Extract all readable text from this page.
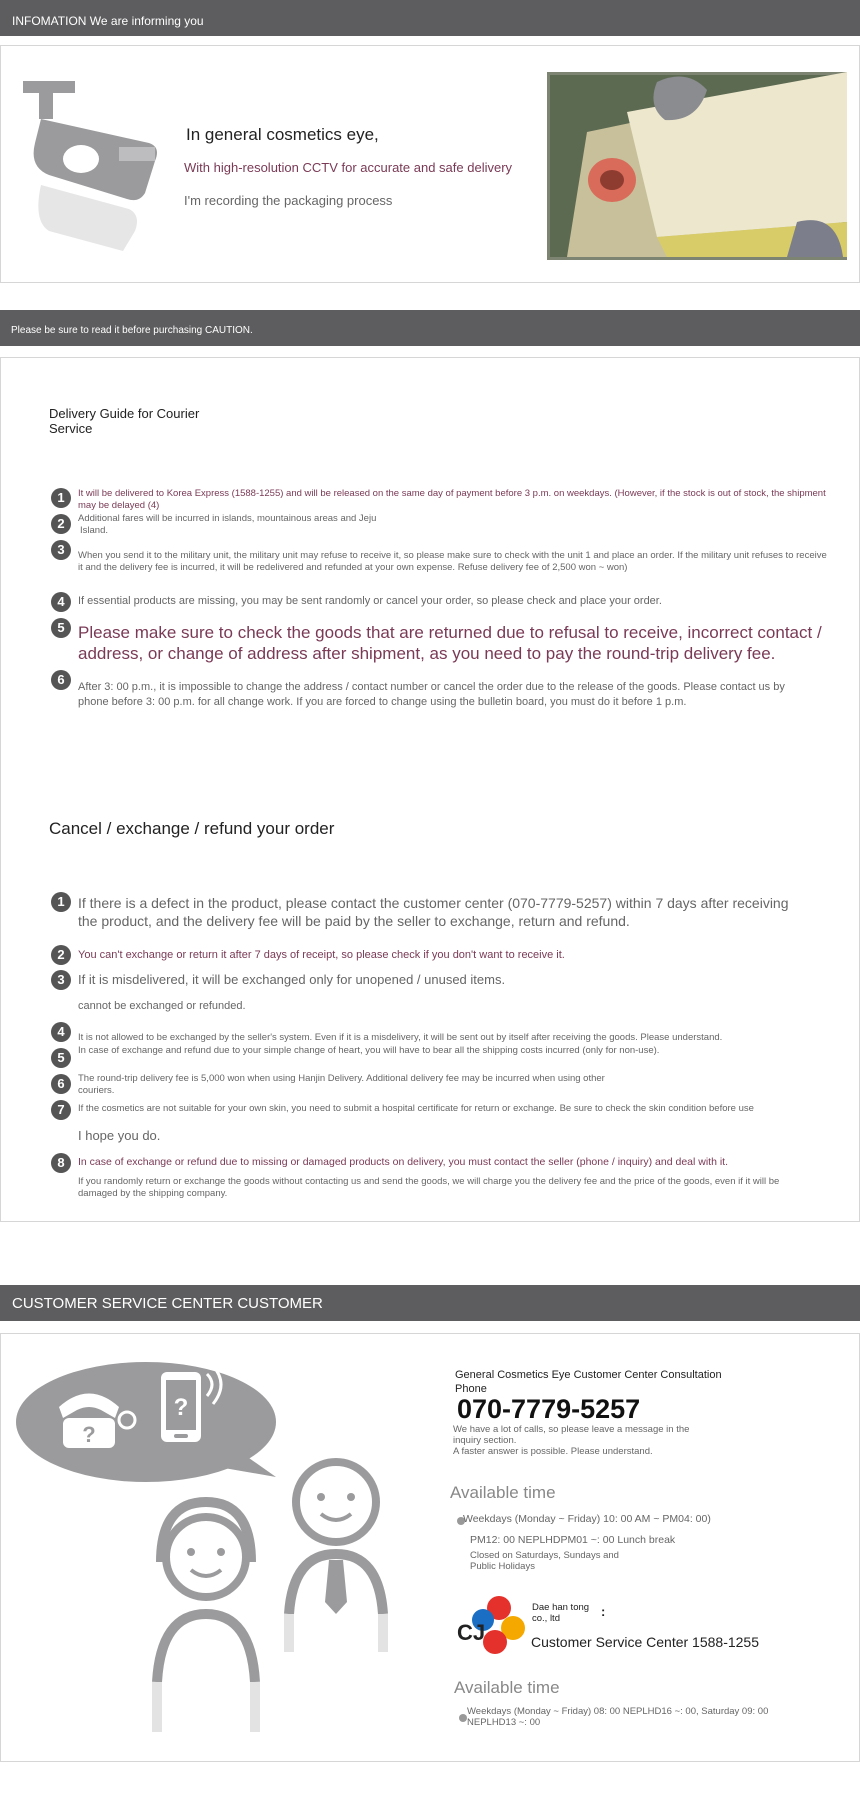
INFOMATION We are informing you
In general cosmetics eye,
With high-resolution CCTV for accurate and safe delivery
I'm recording the packaging process
Please be sure to read it before purchasing CAUTION.
Delivery Guide for Courier
Service
1	It will be delivered to Korea Express (1588-1255) and will be released on the same day of payment before 3 p.m. on weekdays. (However, if the stock is out of stock, the shipment may be delayed (4)
2	Additional fares will be incurred in islands, mountainous areas and Jeju
Island.
3	When you send it to the military unit, the military unit may refuse to receive it, so please make sure to check with the unit 1 and place an order. If the military unit refuses to receive it and the delivery fee is incurred, it will be redelivered and refunded at your own expense. Refuse delivery fee of 2,500 won ~ won)
4	If essential products are missing, you may be sent randomly or cancel your order, so please check and place your order.
5 Please make sure to check the goods that are returned due to refusal to receive, incorrect contact / address, or change of address after shipment, as you need to pay the round-trip delivery fee.
6	After 3: 00 p.m., it is impossible to change the address / contact number or cancel the order due to the release of the goods. Please contact us by phone before 3: 00 p.m. for all change work. If you are forced to change using the bulletin board, you must do it before 1 p.m.
Cancel / exchange / refund your order
1 If there is a defect in the product, please contact the customer center (070-7779-5257) within 7 days after receiving the product, and the delivery fee will be paid by the seller to exchange, return and refund.
2	You can't exchange or return it after 7 days of receipt, so please check if you don't want to receive it.
3	If it is misdelivered, it will be exchanged only for unopened / unused items.
cannot be exchanged or refunded.
4	It is not allowed to be exchanged by the seller's system. Even if it is a misdelivery, it will be sent out by itself after receiving the goods. Please understand.
5	In case of exchange and refund due to your simple change of heart, you will have to bear all the shipping costs incurred (only for non-use).
6	The round-trip delivery fee is 5,000 won when using Hanjin Delivery. Additional delivery fee may be incurred when using other
couriers.
7	If the cosmetics are not suitable for your own skin, you need to submit a hospital certificate for return or exchange. Be sure to check the skin condition before use
I hope you do.
8	In case of exchange or refund due to missing or damaged products on delivery, you must contact the seller (phone / inquiry) and deal with it.
If you randomly return or exchange the goods without contacting us and send the goods, we will charge you the delivery fee and the price of the goods, even if it will be damaged by the shipping company.
CUSTOMER SERVICE CENTER CUSTOMER
?
?
General Cosmetics Eye Customer Center Consultation
Phone
070-7779-5257
We have a lot of calls, so please leave a message in the
inquiry section.
A faster answer is possible. Please understand.
Available time
Weekdays (Monday ~ Friday) 10: 00 AM ~ PM04: 00)
PM12: 00 NEPLHDPM01 ~: 00 Lunch break
Closed on Saturdays, Sundays and
Public Holidays
CJ
Dae han tong
co., ltd	:
Customer Service Center 1588-1255
Available time
Weekdays (Monday ~ Friday) 08: 00 NEPLHD16 ~: 00, Saturday 09: 00
NEPLHD13 ~: 00
